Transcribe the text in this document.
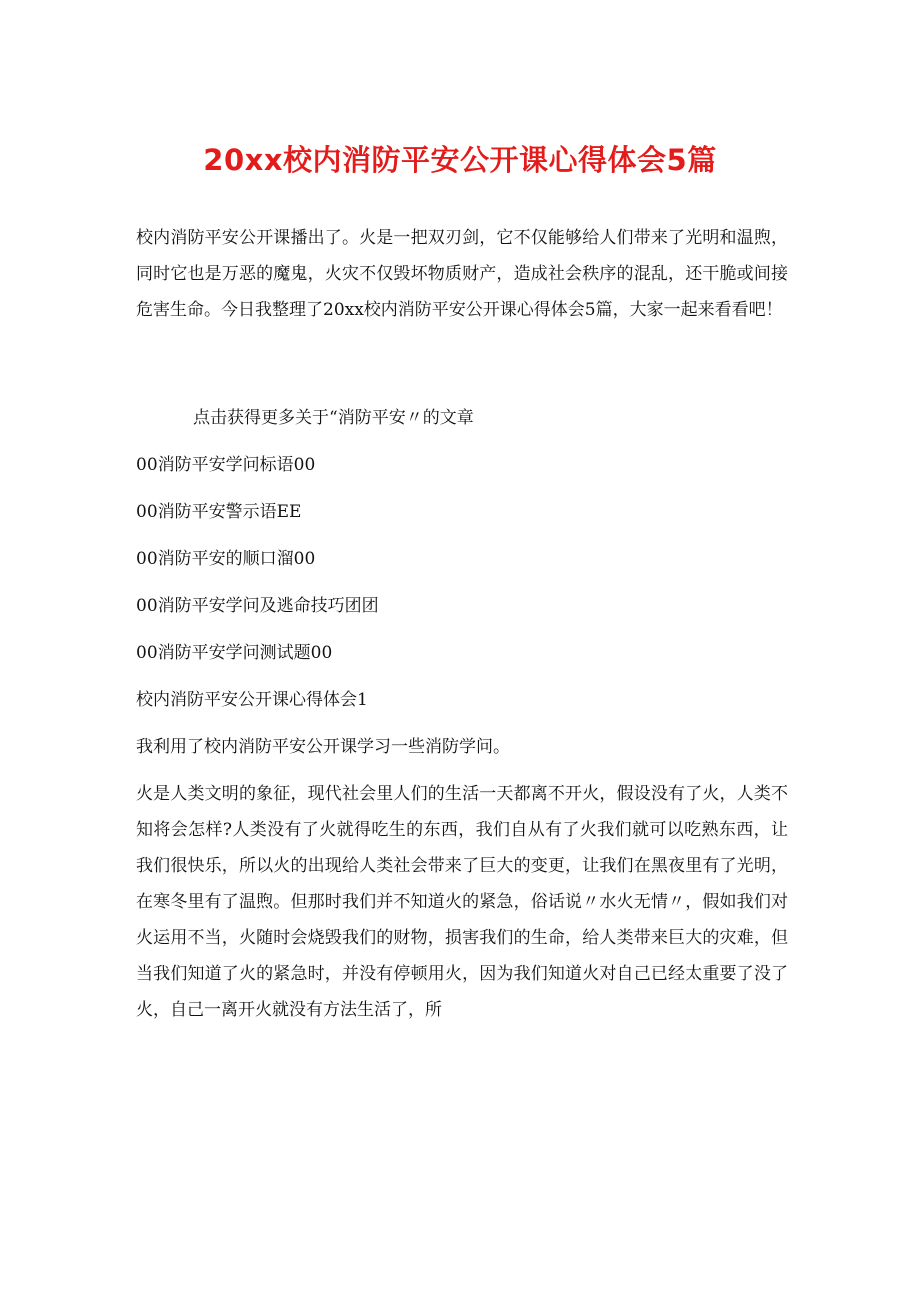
20xx校内消防平安公开课心得体会5篇

校内消防平安公开课播出了。火是一把双刃剑，它不仅能够给人们带来了光明和温煦，同时它也是万恶的魔鬼，火灾不仅毁坏物质财产，造成社会秩序的混乱，还干脆或间接危害生命。今日我整理了20xx校内消防平安公开课心得体会5篇，大家一起来看看吧！

点击获得更多关于“消防平安〃的文章

00消防平安学问标语00

00消防平安警示语EE

00消防平安的顺口溜00

00消防平安学问及逃命技巧团团

00消防平安学问测试题00

校内消防平安公开课心得体会1

我利用了校内消防平安公开课学习一些消防学问。

火是人类文明的象征，现代社会里人们的生活一天都离不开火，假设没有了火，人类不知将会怎样?人类没有了火就得吃生的东西，我们自从有了火我们就可以吃熟东西，让我们很快乐，所以火的出现给人类社会带来了巨大的变更，让我们在黑夜里有了光明，在寒冬里有了温煦。但那时我们并不知道火的紧急，俗话说〃水火无情〃，假如我们对火运用不当，火随时会烧毁我们的财物，损害我们的生命，给人类带来巨大的灾难，但当我们知道了火的紧急时，并没有停顿用火，因为我们知道火对自己已经太重要了没了火，自己一离开火就没有方法生活了，所
